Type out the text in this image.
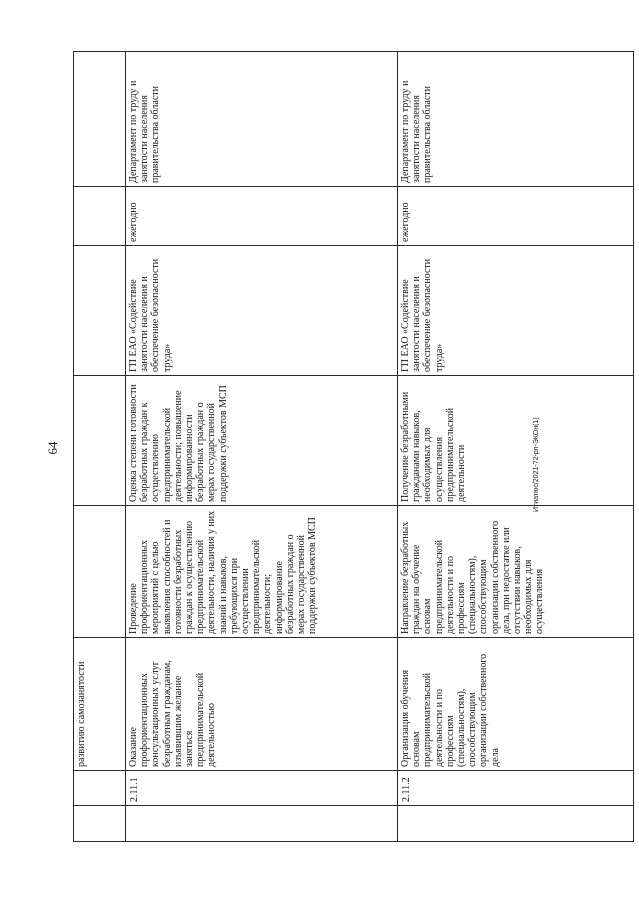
64
		развитию самозанятости					
	2.11.1	Оказание профориентационных консультационных услуг безработным гражданам, изъявившим желание заняться предпринимательской деятельностью	Проведение профориентационных мероприятий с целью выявления способностей и готовности безработных граждан к осуществлению предпринимательской деятельности, наличия у них знаний и навыков, требующихся при осуществлении предпринимательской деятельности; информирование безработных граждан о мерах государственной поддержки субъектов МСП	Оценка степени готовности безработных граждан к осуществлению предпринимательской деятельности; повышение информированности безработных граждан о мерах государственной поддержки субъектов МСП	ГП ЕАО «Содействие занятости населения и обеспечение безопасности труда»	ежегодно	Департамент по труду и занятости населения правительства области
	2.11.2	Организация обучения основам предпринимательской деятельности и по профессиям (специальностям), способствующим организации собственного дела	Направление безработных граждан на обучение основам предпринимательской деятельности и по профессиям (специальностям), способствующим организации собственного дела, при недостатке или отсутствии навыков, необходимых для осуществления	Получение безработными гражданами навыков, необходимых для осуществления предпринимательской деятельности	ГП ЕАО «Содействие занятости населения и обеспечение безопасности труда»	ежегодно	Департамент по труду и занятости населения правительства области
Итиатюс/2021-72-рп-ЭКОн(1)
